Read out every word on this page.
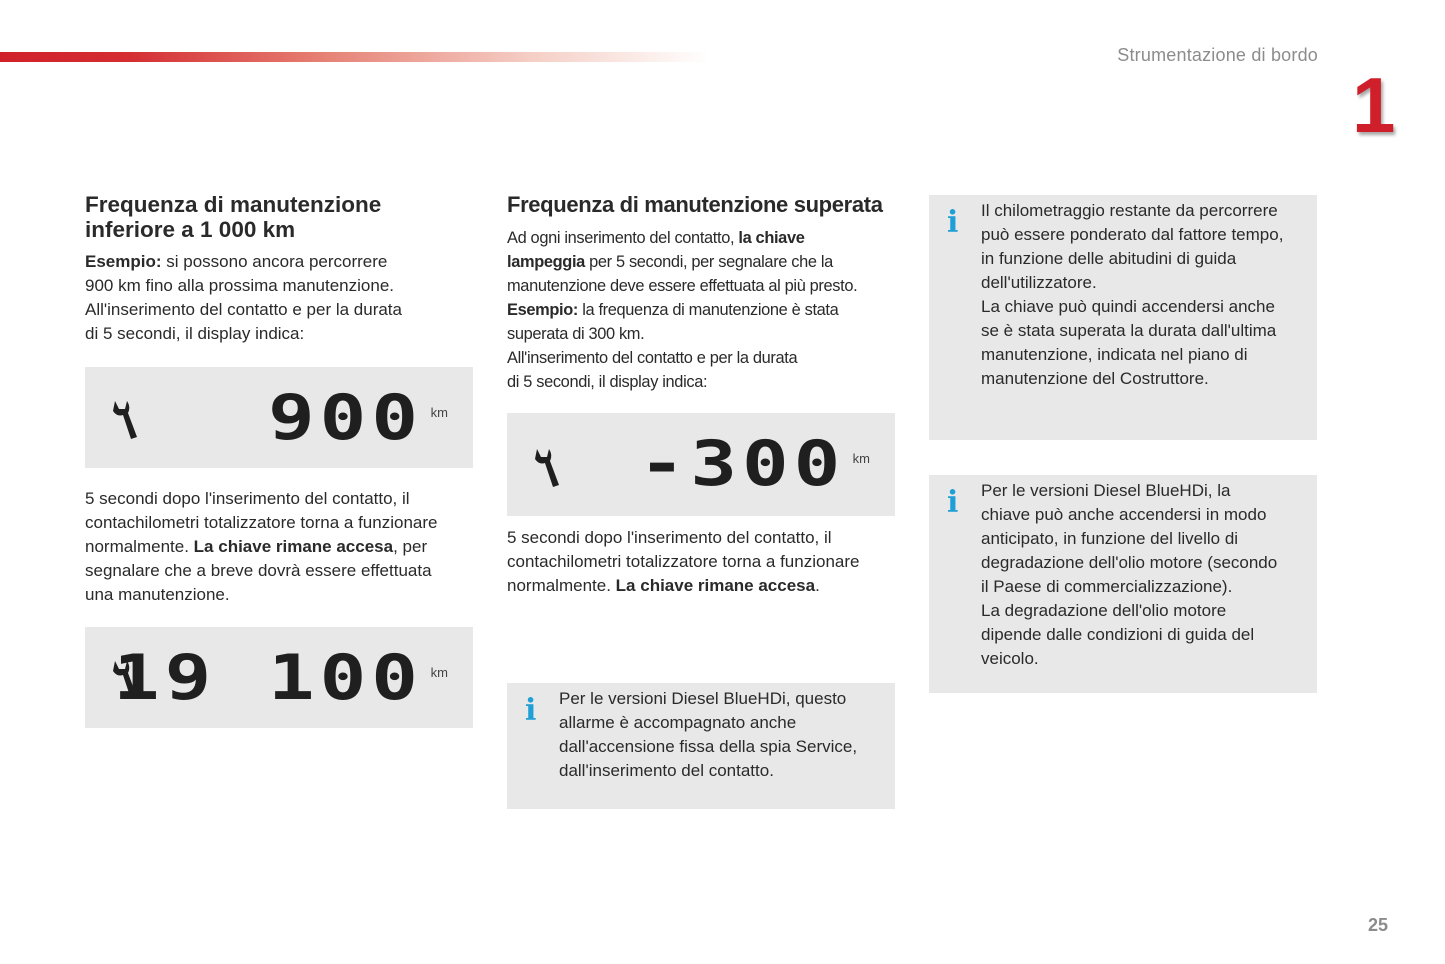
Strumentazione di bordo
1
Frequenza di manutenzione
inferiore a 1 000 km

Esempio: si possono ancora percorrere
900 km fino alla prossima manutenzione.
All'inserimento del contatto e per la durata
di 5 secondi, il display indica:

900 km

5 secondi dopo l'inserimento del contatto, il
contachilometri totalizzatore torna a funzionare
normalmente. La chiave rimane accesa, per
segnalare che a breve dovrà essere effettuata
una manutenzione.

19 100 km
Frequenza di manutenzione superata

Ad ogni inserimento del contatto, la chiave
lampeggia per 5 secondi, per segnalare che la
manutenzione deve essere effettuata al più presto.
Esempio: la frequenza di manutenzione è stata
superata di 300 km.
All'inserimento del contatto e per la durata
di 5 secondi, il display indica:

-300 km

5 secondi dopo l'inserimento del contatto, il
contachilometri totalizzatore torna a funzionare
normalmente. La chiave rimane accesa.

i Per le versioni Diesel BlueHDi, questo
allarme è accompagnato anche
dall'accensione fissa della spia Service,
dall'inserimento del contatto.

i Il chilometraggio restante da percorrere
può essere ponderato dal fattore tempo,
in funzione delle abitudini di guida
dell'utilizzatore.
La chiave può quindi accendersi anche
se è stata superata la durata dall'ultima
manutenzione, indicata nel piano di
manutenzione del Costruttore.

i Per le versioni Diesel BlueHDi, la
chiave può anche accendersi in modo
anticipato, in funzione del livello di
degradazione dell'olio motore (secondo
il Paese di commercializzazione).
La degradazione dell'olio motore
dipende dalle condizioni di guida del
veicolo.

25
